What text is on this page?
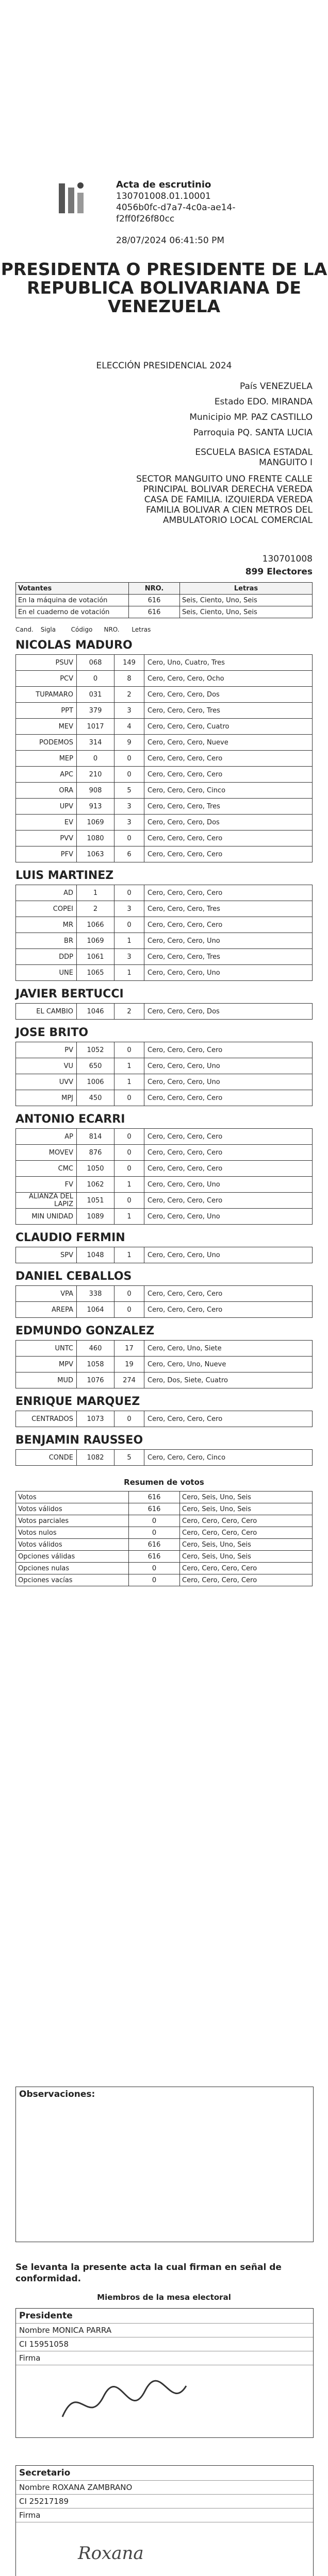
Acta de escrutinio
130701008.01.10001
4056b0fc-d7a7-4c0a-ae14-f2ff0f26f80cc
28/07/2024 06:41:50 PM
PRESIDENTA O PRESIDENTE DE LA REPUBLICA BOLIVARIANA DE VENEZUELA
ELECCIÓN PRESIDENCIAL 2024
País VENEZUELA
Estado EDO. MIRANDA
Municipio MP. PAZ CASTILLO
Parroquia PQ. SANTA LUCIA
ESCUELA BASICA ESTADAL MANGUITO I
SECTOR MANGUITO UNO FRENTE CALLE PRINCIPAL BOLIVAR DERECHA VEREDA CASA DE FAMILIA. IZQUIERDA VEREDA FAMILIA BOLIVAR A CIEN METROS DEL AMBULATORIO LOCAL COMERCIAL
130701008
899 Electores
Votantes	NRO.	Letras
En la máquina de votación	616	Seis, Ciento, Uno, Seis
En el cuaderno de votación	616	Seis, Ciento, Uno, Seis
Cand. Sigla Código NRO. Letras
NICOLAS MADURO
PSUV	068	149	Cero, Uno, Cuatro, Tres
PCV	0	8	Cero, Cero, Cero, Ocho
TUPAMARO	031	2	Cero, Cero, Cero, Dos
PPT	379	3	Cero, Cero, Cero, Tres
MEV	1017	4	Cero, Cero, Cero, Cuatro
PODEMOS	314	9	Cero, Cero, Cero, Nueve
MEP	0	0	Cero, Cero, Cero, Cero
APC	210	0	Cero, Cero, Cero, Cero
ORA	908	5	Cero, Cero, Cero, Cinco
UPV	913	3	Cero, Cero, Cero, Tres
EV	1069	3	Cero, Cero, Cero, Dos
PVV	1080	0	Cero, Cero, Cero, Cero
PFV	1063	6	Cero, Cero, Cero, Cero
LUIS MARTINEZ
AD	1	0	Cero, Cero, Cero, Cero
COPEI	2	3	Cero, Cero, Cero, Tres
MR	1066	0	Cero, Cero, Cero, Cero
BR	1069	1	Cero, Cero, Cero, Uno
DDP	1061	3	Cero, Cero, Cero, Tres
UNE	1065	1	Cero, Cero, Cero, Uno
JAVIER BERTUCCI
EL CAMBIO	1046	2	Cero, Cero, Cero, Dos
JOSE BRITO
PV	1052	0	Cero, Cero, Cero, Cero
VU	650	1	Cero, Cero, Cero, Uno
UVV	1006	1	Cero, Cero, Cero, Uno
MPJ	450	0	Cero, Cero, Cero, Cero
ANTONIO ECARRI
AP	814	0	Cero, Cero, Cero, Cero
MOVEV	876	0	Cero, Cero, Cero, Cero
CMC	1050	0	Cero, Cero, Cero, Cero
FV	1062	1	Cero, Cero, Cero, Uno
ALIANZA DEL LAPIZ	1051	0	Cero, Cero, Cero, Cero
MIN UNIDAD	1089	1	Cero, Cero, Cero, Uno
CLAUDIO FERMIN
SPV	1048	1	Cero, Cero, Cero, Uno
DANIEL CEBALLOS
VPA	338	0	Cero, Cero, Cero, Cero
AREPA	1064	0	Cero, Cero, Cero, Cero
EDMUNDO GONZALEZ
UNTC	460	17	Cero, Cero, Uno, Siete
MPV	1058	19	Cero, Cero, Uno, Nueve
MUD	1076	274	Cero, Dos, Siete, Cuatro
ENRIQUE MARQUEZ
CENTRADOS	1073	0	Cero, Cero, Cero, Cero
BENJAMIN RAUSSEO
CONDE	1082	5	Cero, Cero, Cero, Cinco
Resumen de votos
Votos	616	Cero, Seis, Uno, Seis
Votos válidos	616	Cero, Seis, Uno, Seis
Votos parciales	0	Cero, Cero, Cero, Cero
Votos nulos	0	Cero, Cero, Cero, Cero
Votos válidos	616	Cero, Seis, Uno, Seis
Opciones válidas	616	Cero, Seis, Uno, Seis
Opciones nulas	0	Cero, Cero, Cero, Cero
Opciones vacías	0	Cero, Cero, Cero, Cero
Observaciones:
Se levanta la presente acta la cual firman en señal de conformidad.
Miembros de la mesa electoral
Presidente
Nombre MONICA PARRA
CI 15951058
Firma
Secretario
Nombre ROXANA ZAMBRANO
CI 25217189
Firma
Roxana
